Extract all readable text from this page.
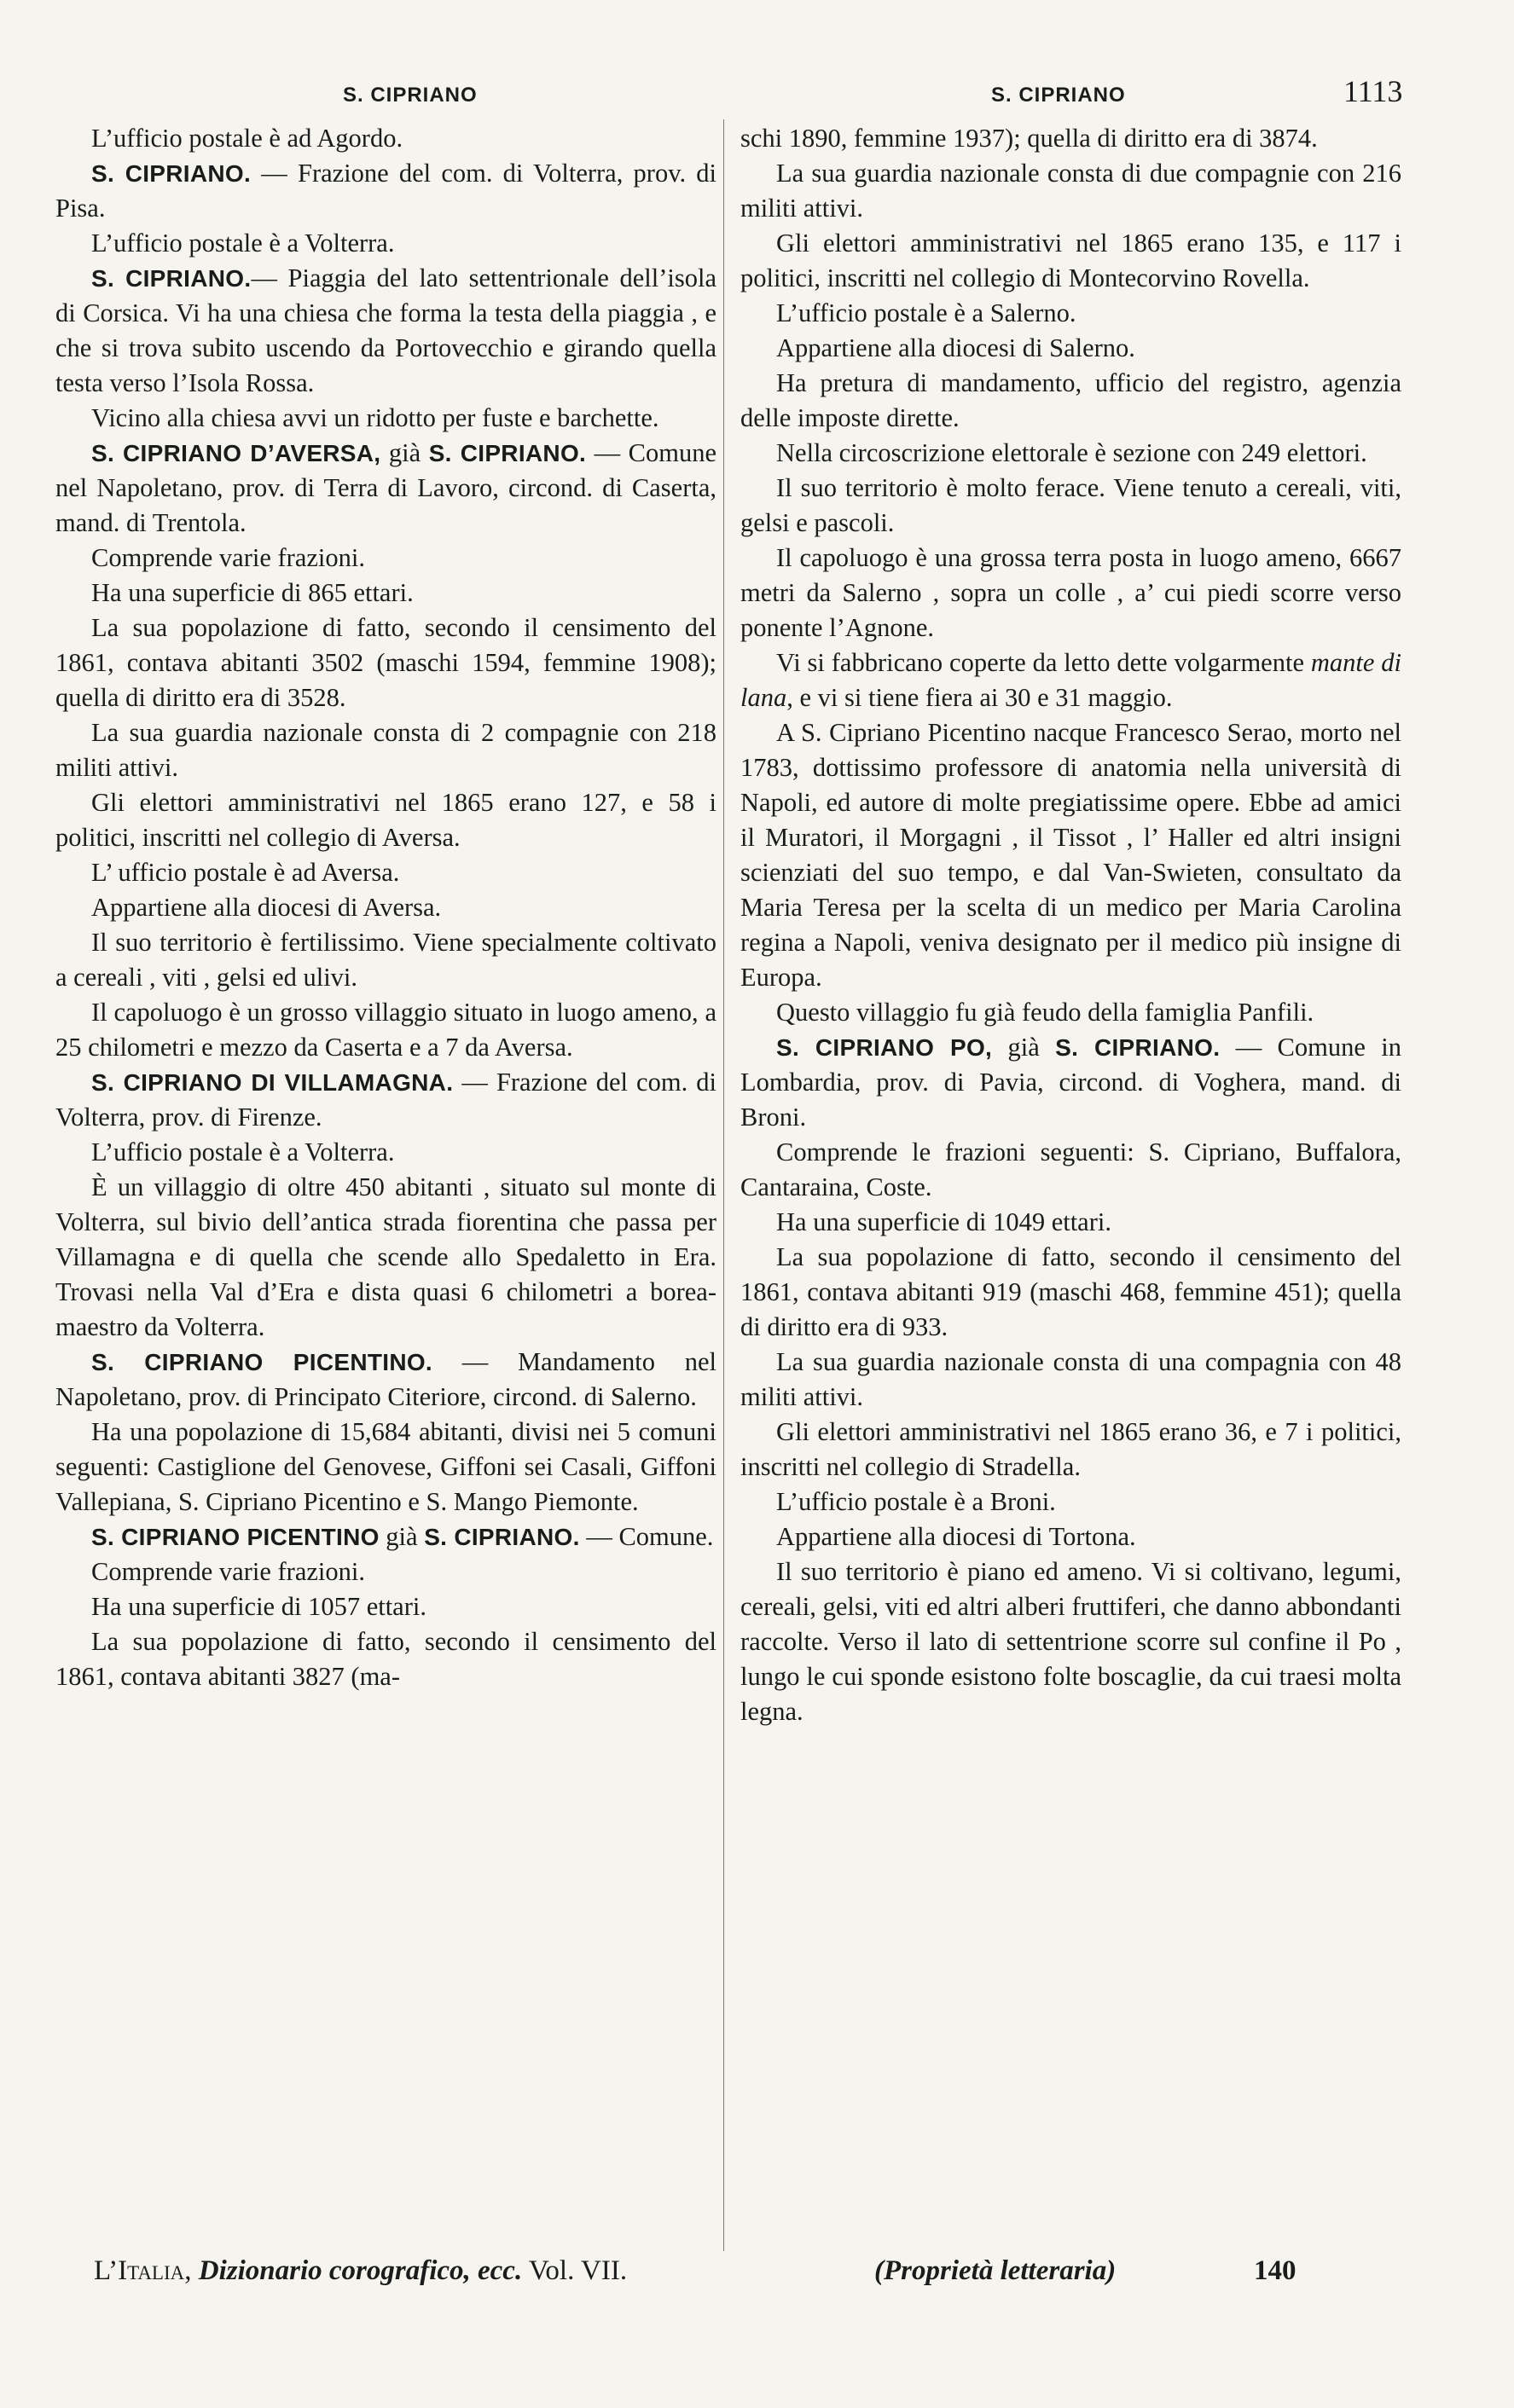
S. CIPRIANO	S. CIPRIANO	1113

L’ufficio postale è ad Agordo.

S. CIPRIANO. — Frazione del com. di Volterra, prov. di Pisa.

L’ufficio postale è a Volterra.

S. CIPRIANO.— Piaggia del lato settentrionale dell’isola di Corsica. Vi ha una chiesa che forma la testa della piaggia , e che si trova subito uscendo da Portovecchio e girando quella testa verso l’Isola Rossa.

Vicino alla chiesa avvi un ridotto per fuste e barchette.

S. CIPRIANO D’AVERSA, già S. CIPRIANO. — Comune nel Napoletano, prov. di Terra di Lavoro, circond. di Caserta, mand. di Trentola.

Comprende varie frazioni.

Ha una superficie di 865 ettari.

La sua popolazione di fatto, secondo il censimento del 1861, contava abitanti 3502 (maschi 1594, femmine 1908); quella di diritto era di 3528.

La sua guardia nazionale consta di 2 compagnie con 218 militi attivi.

Gli elettori amministrativi nel 1865 erano 127, e 58 i politici, inscritti nel collegio di Aversa.

L’ ufficio postale è ad Aversa.

Appartiene alla diocesi di Aversa.

Il suo territorio è fertilissimo. Viene specialmente coltivato a cereali , viti , gelsi ed ulivi.

Il capoluogo è un grosso villaggio situato in luogo ameno, a 25 chilometri e mezzo da Caserta e a 7 da Aversa.

S. CIPRIANO DI VILLAMAGNA. — Frazione del com. di Volterra, prov. di Firenze.

L’ufficio postale è a Volterra.

È un villaggio di oltre 450 abitanti , situato sul monte di Volterra, sul bivio dell’antica strada fiorentina che passa per Villamagna e di quella che scende allo Spedaletto in Era. Trovasi nella Val d’Era e dista quasi 6 chilometri a borea-maestro da Volterra.

S. CIPRIANO PICENTINO. — Mandamento nel Napoletano, prov. di Principato Citeriore, circond. di Salerno.

Ha una popolazione di 15,684 abitanti, divisi nei 5 comuni seguenti: Castiglione del Genovese, Giffoni sei Casali, Giffoni Vallepiana, S. Cipriano Picentino e S. Mango Piemonte.

S. CIPRIANO PICENTINO già S. CIPRIANO. — Comune.

Comprende varie frazioni.

Ha una superficie di 1057 ettari.

La sua popolazione di fatto, secondo il censimento del 1861, contava abitanti 3827 (ma-

schi 1890, femmine 1937); quella di diritto era di 3874.

La sua guardia nazionale consta di due compagnie con 216 militi attivi.

Gli elettori amministrativi nel 1865 erano 135, e 117 i politici, inscritti nel collegio di Montecorvino Rovella.

L’ufficio postale è a Salerno.

Appartiene alla diocesi di Salerno.

Ha pretura di mandamento, ufficio del registro, agenzia delle imposte dirette.

Nella circoscrizione elettorale è sezione con 249 elettori.

Il suo territorio è molto ferace. Viene tenuto a cereali, viti, gelsi e pascoli.

Il capoluogo è una grossa terra posta in luogo ameno, 6667 metri da Salerno , sopra un colle , a’ cui piedi scorre verso ponente l’Agnone.

Vi si fabbricano coperte da letto dette volgarmente mante di lana, e vi si tiene fiera ai 30 e 31 maggio.

A S. Cipriano Picentino nacque Francesco Serao, morto nel 1783, dottissimo professore di anatomia nella università di Napoli, ed autore di molte pregiatissime opere. Ebbe ad amici il Muratori, il Morgagni , il Tissot , l’ Haller ed altri insigni scienziati del suo tempo, e dal Van-Swieten, consultato da Maria Teresa per la scelta di un medico per Maria Carolina regina a Napoli, veniva designato per il medico più insigne di Europa.

Questo villaggio fu già feudo della famiglia Panfili.

S. CIPRIANO PO, già S. CIPRIANO. — Comune in Lombardia, prov. di Pavia, circond. di Voghera, mand. di Broni.

Comprende le frazioni seguenti: S. Cipriano, Buffalora, Cantaraina, Coste.

Ha una superficie di 1049 ettari.

La sua popolazione di fatto, secondo il censimento del 1861, contava abitanti 919 (maschi 468, femmine 451); quella di diritto era di 933.

La sua guardia nazionale consta di una compagnia con 48 militi attivi.

Gli elettori amministrativi nel 1865 erano 36, e 7 i politici, inscritti nel collegio di Stradella.

L’ufficio postale è a Broni.

Appartiene alla diocesi di Tortona.

Il suo territorio è piano ed ameno. Vi si coltivano, legumi, cereali, gelsi, viti ed altri alberi fruttiferi, che danno abbondanti raccolte. Verso il lato di settentrione scorre sul confine il Po , lungo le cui sponde esistono folte boscaglie, da cui traesi molta legna.

L’Italia, Dizionario corografico, ecc. Vol. VII.	(Proprietà letteraria)	140
